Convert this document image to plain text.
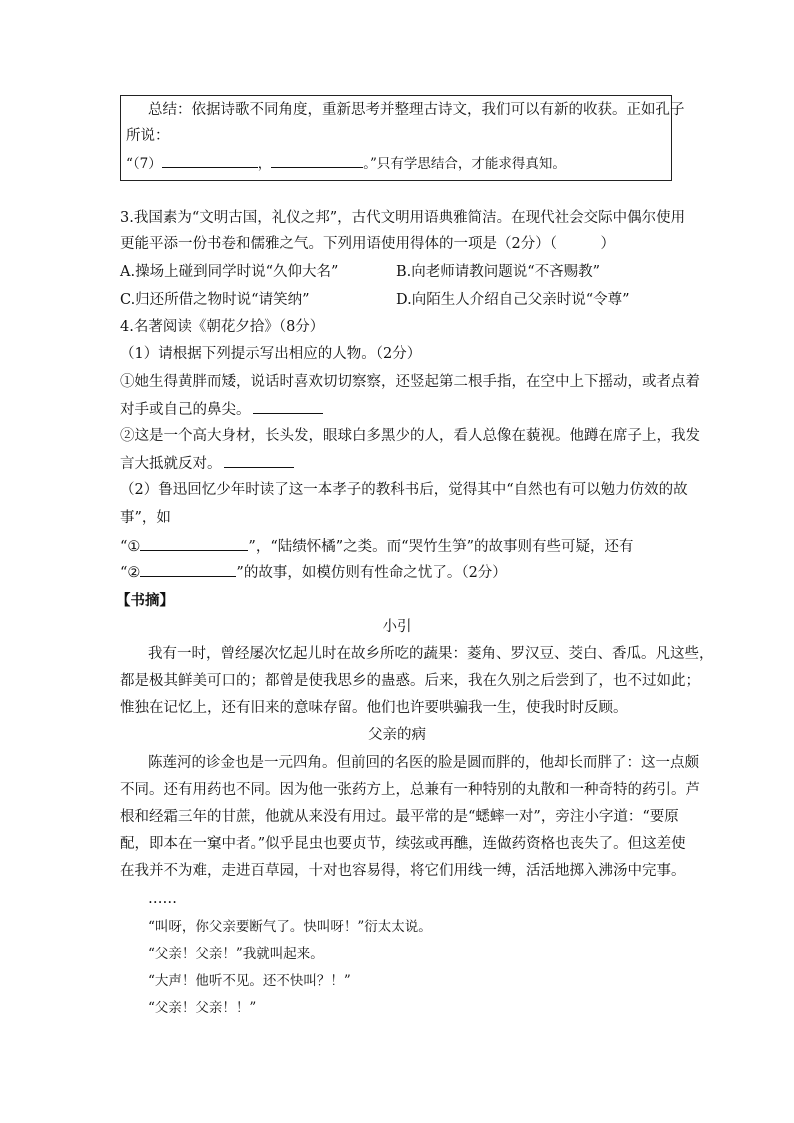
总结：依据诗歌不同角度，重新思考并整理古诗文，我们可以有新的收获。正如孔子
所说：
“（7）	，	。”只有学思结合，才能求得真知。
3.我国素为“文明古国，礼仪之邦”，古代文明用语典雅简洁。在现代社会交际中偶尔使用
更能平添一份书卷和儒雅之气。下列用语使用得体的一项是（2分）（　　　）
A.操场上碰到同学时说“久仰大名”	B.向老师请教问题说“不吝赐教”
C.归还所借之物时说“请笑纳”	D.向陌生人介绍自己父亲时说“令尊”
4.名著阅读《朝花夕拾》（8分）
（1）请根据下列提示写出相应的人物。（2分）
①她生得黄胖而矮，说话时喜欢切切察察，还竖起第二根手指，在空中上下摇动，或者点着
对手或自己的鼻尖。
②这是一个高大身材，长头发，眼球白多黑少的人，看人总像在藐视。他蹲在席子上，我发
言大抵就反对。
（2）鲁迅回忆少年时读了这一本孝子的教科书后，觉得其中“自然也有可以勉力仿效的故
事”，如
“①	”，“陆绩怀橘”之类。而“哭竹生笋”的故事则有些可疑，还有
“②	”的故事，如模仿则有性命之忧了。（2分）
【书摘】
小引
我有一时，曾经屡次忆起儿时在故乡所吃的蔬果：菱角、罗汉豆、茭白、香瓜。凡这些，
都是极其鲜美可口的；都曾是使我思乡的蛊惑。后来，我在久别之后尝到了，也不过如此；
惟独在记忆上，还有旧来的意味存留。他们也许要哄骗我一生，使我时时反顾。
父亲的病
陈莲河的诊金也是一元四角。但前回的名医的脸是圆而胖的，他却长而胖了：这一点颇
不同。还有用药也不同。因为他一张药方上，总兼有一种特别的丸散和一种奇特的药引。芦
根和经霜三年的甘蔗，他就从来没有用过。最平常的是“蟋蟀一对”，旁注小字道：“要原
配，即本在一窠中者。”似乎昆虫也要贞节，续弦或再醮，连做药资格也丧失了。但这差使
在我并不为难，走进百草园，十对也容易得，将它们用线一缚，活活地掷入沸汤中完事。
……
“叫呀，你父亲要断气了。快叫呀！”衍太太说。
“父亲！父亲！”我就叫起来。
“大声！他听不见。还不快叫？！”
“父亲！父亲！！”
